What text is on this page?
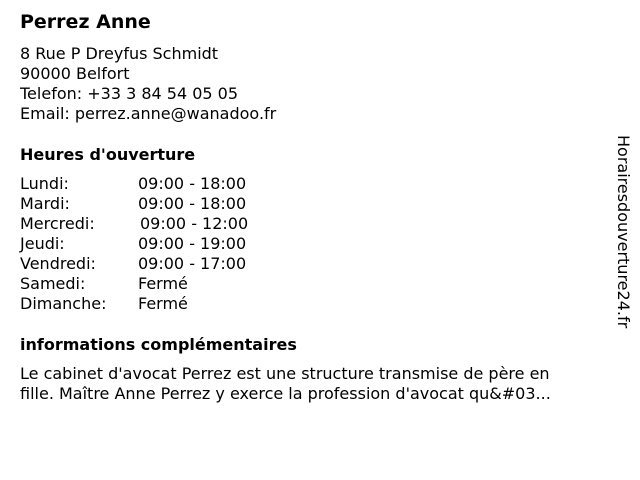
Perrez Anne
8 Rue P Dreyfus Schmidt
90000 Belfort
Telefon: +33 3 84 54 05 05
Email: perrez.anne@wanadoo.fr
Heures d'ouverture
Lundi:	09:00 - 18:00
Mardi:	09:00 - 18:00
Mercredi:	09:00 - 12:00
Jeudi:	09:00 - 19:00
Vendredi:	09:00 - 17:00
Samedi:	Fermé
Dimanche: Fermé
informations complémentaires
Le cabinet d'avocat Perrez est une structure transmise de père en
fille. Maître Anne Perrez y exerce la profession d'avocat qu&#03...
Horairesdouverture24.fr
